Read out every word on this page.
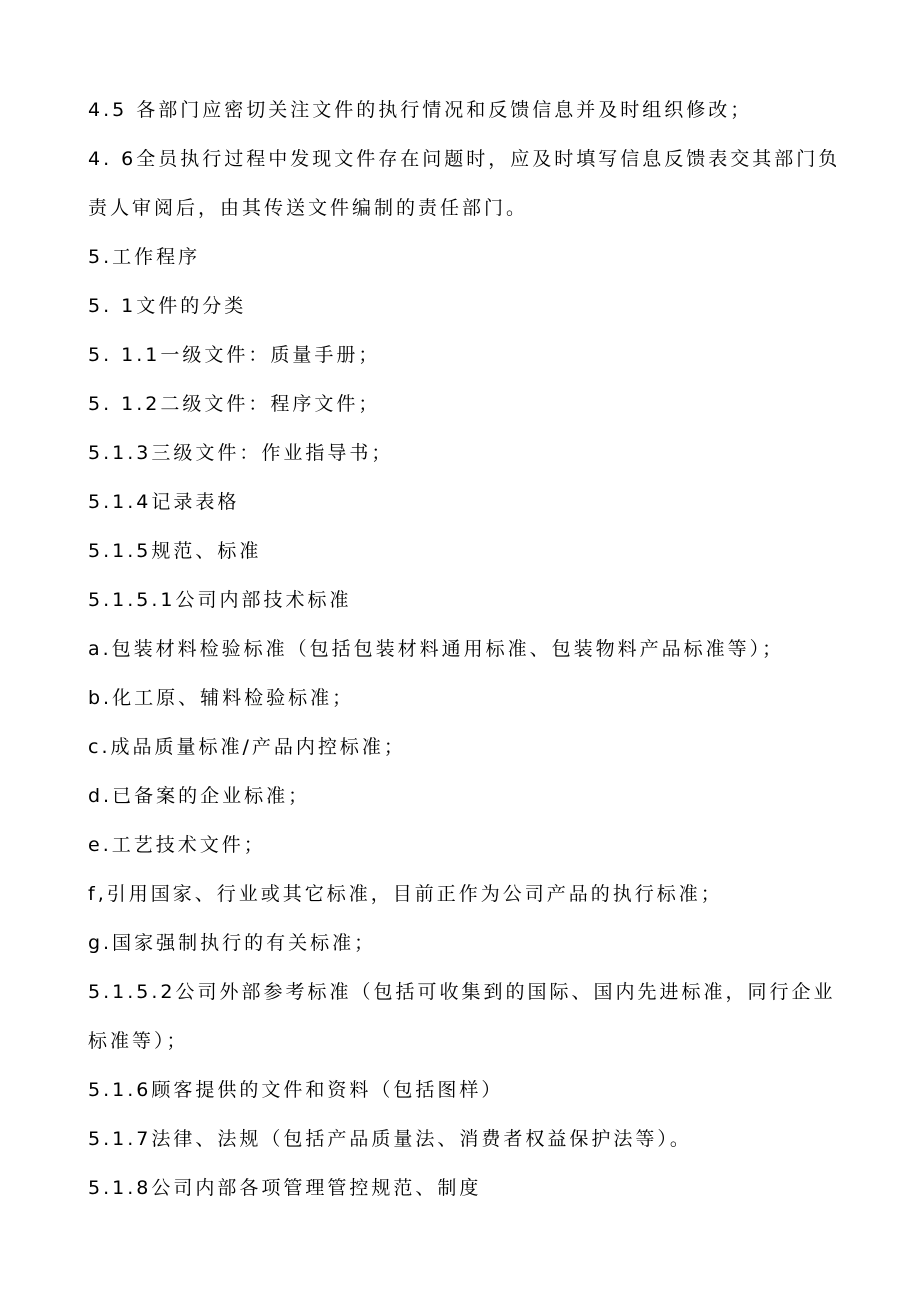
4.5 各部门应密切关注文件的执行情况和反馈信息并及时组织修改；
4. 6全员执行过程中发现文件存在问题时，应及时填写信息反馈表交其部门负
责人审阅后，由其传送文件编制的责任部门。
5.工作程序
5. 1文件的分类
5. 1.1一级文件：质量手册；
5. 1.2二级文件：程序文件；
5.1.3三级文件：作业指导书；
5.1.4记录表格
5.1.5规范、标准
5.1.5.1公司内部技术标准
a.包装材料检验标准（包括包装材料通用标准、包装物料产品标准等）；
b.化工原、辅料检验标准；
c.成品质量标准/产品内控标准；
d.已备案的企业标准；
e.工艺技术文件；
f,引用国家、行业或其它标准，目前正作为公司产品的执行标准；
g.国家强制执行的有关标准；
5.1.5.2公司外部参考标准（包括可收集到的国际、国内先进标准，同行企业
标准等）；
5.1.6顾客提供的文件和资料（包括图样）
5.1.7法律、法规（包括产品质量法、消费者权益保护法等）。
5.1.8公司内部各项管理管控规范、制度
